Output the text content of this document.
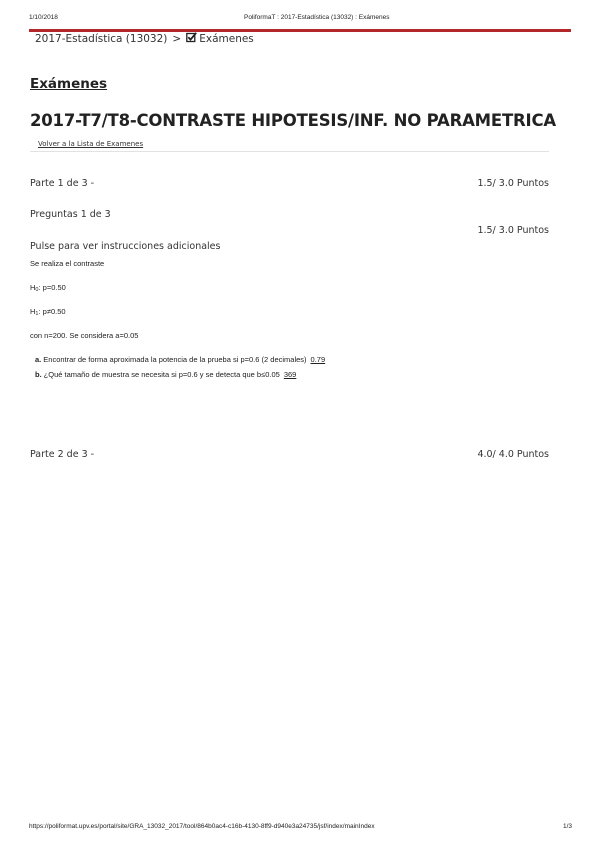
1/10/2018	PoliformaT : 2017-Estadística (13032) : Exámenes
2017-Estadística (13032) > Exámenes
Exámenes
2017-T7/T8-CONTRASTE HIPOTESIS/INF. NO PARAMETRICA
Volver a la Lista de Examenes
Parte 1 de 3 -	1.5/ 3.0 Puntos
Preguntas 1 de 3
1.5/ 3.0 Puntos
Pulse para ver instrucciones adicionales
Se realiza el contraste
$H_0$: p=0.50
$H_1$: p≠0.50
con n=200. Se considera a=0.05
a. Encontrar de forma aproximada la potencia de la prueba si p=0.6 (2 decimales) 0.79
b. ¿Qué tamaño de muestra se necesita si p=0.6 y se detecta que b≤0.05 369
Parte 2 de 3 -	4.0/ 4.0 Puntos
https://poliformat.upv.es/portal/site/GRA_13032_2017/tool/864b0ac4-c16b-4130-8ff9-d940e3a24735/jsf/index/mainIndex	1/3
